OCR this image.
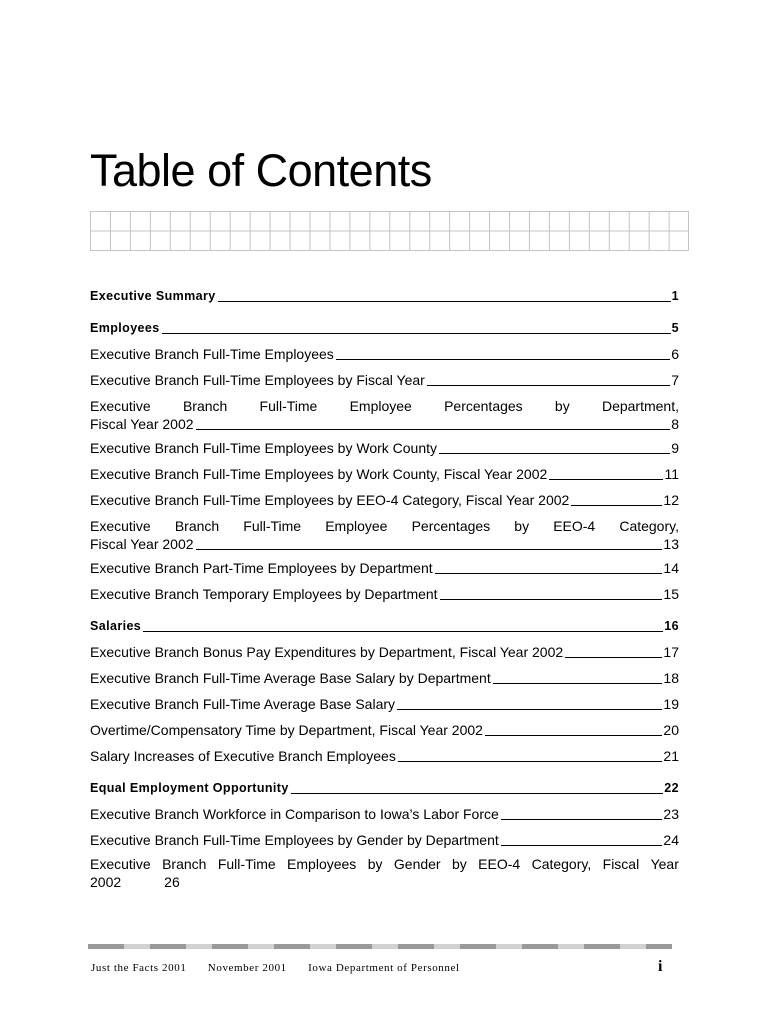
Table of Contents
Executive Summary	1
Employees	5
Executive Branch Full-Time Employees	6
Executive Branch Full-Time Employees by Fiscal Year	7
Executive Branch Full-Time Employee Percentages by Department,
Fiscal Year 2002	8
Executive Branch Full-Time Employees by Work County	9
Executive Branch Full-Time Employees by Work County, Fiscal Year 2002	11
Executive Branch Full-Time Employees by EEO-4 Category, Fiscal Year 2002	12
Executive Branch Full-Time Employee Percentages by EEO-4 Category,
Fiscal Year 2002	13
Executive Branch Part-Time Employees by Department	14
Executive Branch Temporary Employees by Department	15
Salaries	16
Executive Branch Bonus Pay Expenditures by Department, Fiscal Year 2002	17
Executive Branch Full-Time Average Base Salary by Department	18
Executive Branch Full-Time Average Base Salary	19
Overtime/Compensatory Time by Department, Fiscal Year 2002	20
Salary Increases of Executive Branch Employees	21
Equal Employment Opportunity	22
Executive Branch Workforce in Comparison to Iowa’s Labor Force	23
Executive Branch Full-Time Employees by Gender by Department	24
Executive Branch Full-Time Employees by Gender by EEO-4 Category, Fiscal Year
2002	26
Just the Facts 2001 November 2001 Iowa Department of Personnel	i
